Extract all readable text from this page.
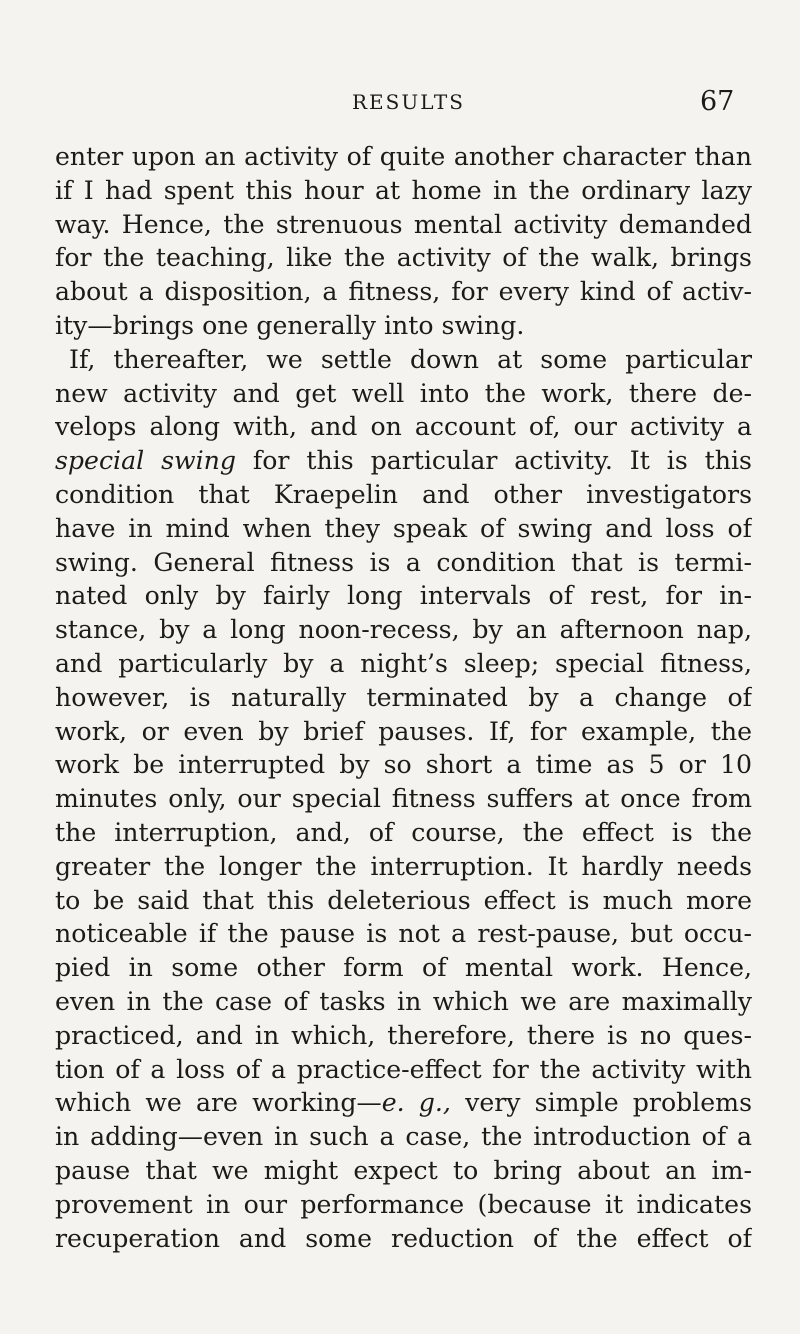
RESULTS	67
enter upon an activity of quite another character than
if I had spent this hour at home in the ordinary lazy
way. Hence, the strenuous mental activity demanded
for the teaching, like the activity of the walk, brings
about a disposition, a fitness, for every kind of activ-
ity—brings one generally into swing.
If, thereafter, we settle down at some particular
new activity and get well into the work, there de-
velops along with, and on account of, our activity a
special swing for this particular activity. It is this
condition that Kraepelin and other investigators
have in mind when they speak of swing and loss of
swing. General fitness is a condition that is termi-
nated only by fairly long intervals of rest, for in-
stance, by a long noon-recess, by an afternoon nap,
and particularly by a night’s sleep; special fitness,
however, is naturally terminated by a change of
work, or even by brief pauses. If, for example, the
work be interrupted by so short a time as 5 or 10
minutes only, our special fitness suffers at once from
the interruption, and, of course, the effect is the
greater the longer the interruption. It hardly needs
to be said that this deleterious effect is much more
noticeable if the pause is not a rest-pause, but occu-
pied in some other form of mental work. Hence,
even in the case of tasks in which we are maximally
practiced, and in which, therefore, there is no ques-
tion of a loss of a practice-effect for the activity with
which we are working—e. g., very simple problems
in adding—even in such a case, the introduction of a
pause that we might expect to bring about an im-
provement in our performance (because it indicates
recuperation and some reduction of the effect of
